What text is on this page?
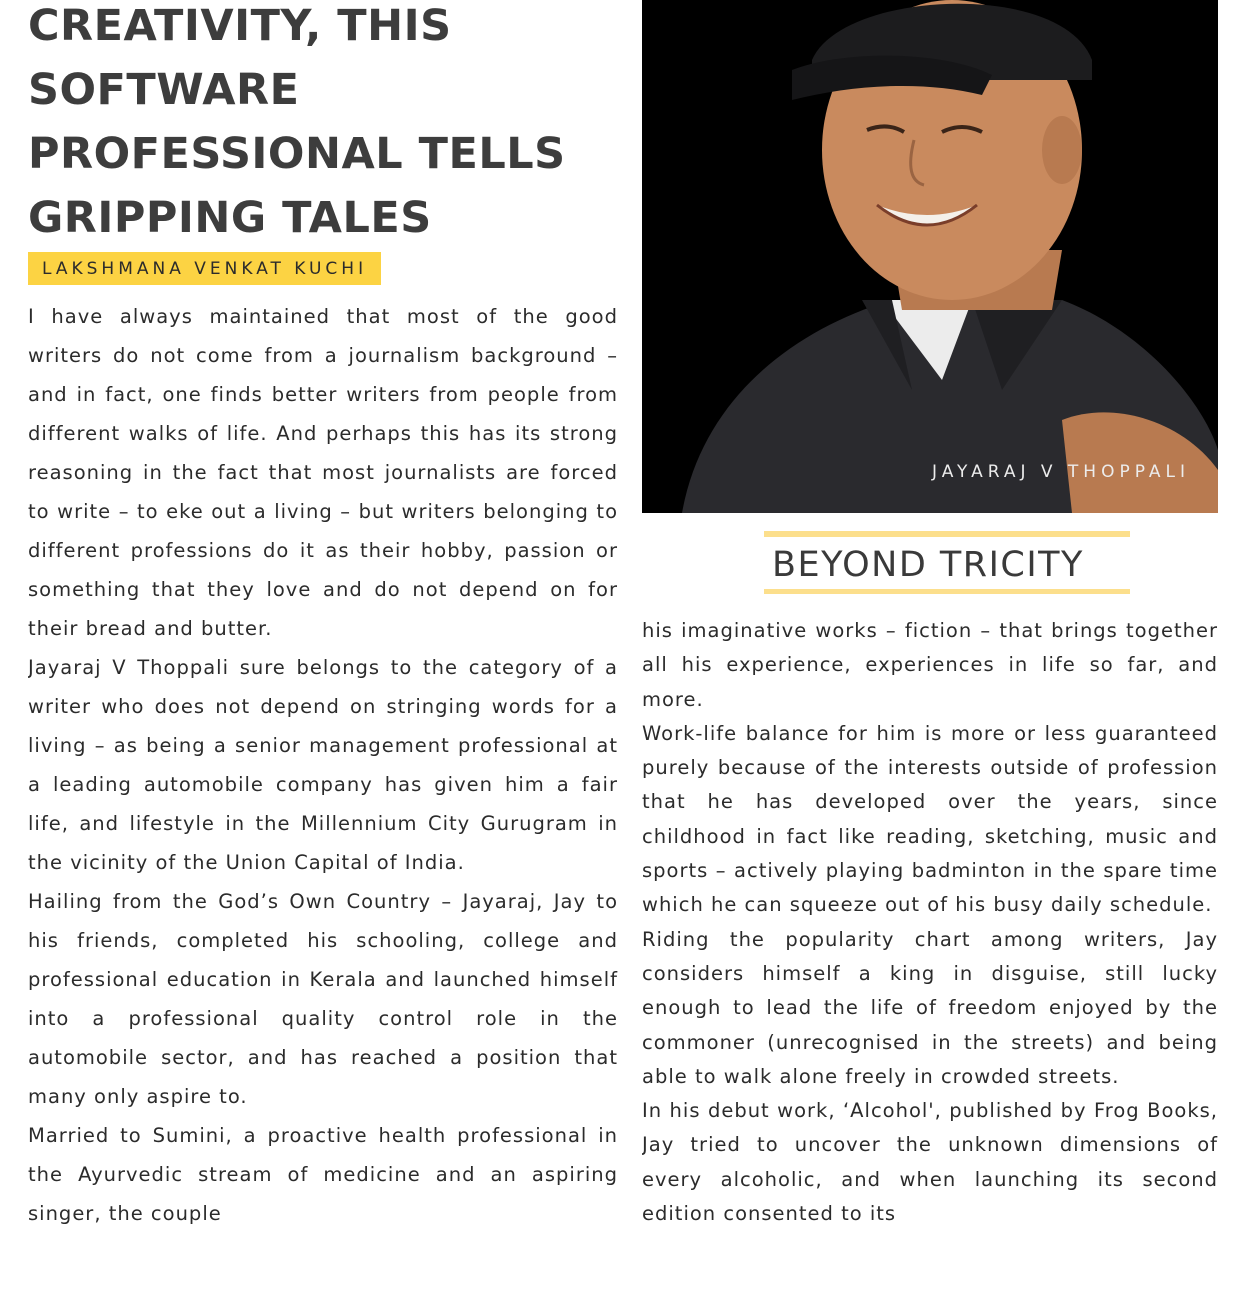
CREATIVITY, THIS
SOFTWARE
PROFESSIONAL TELLS
GRIPPING TALES
LAKSHMANA VENKAT KUCHI
I have always maintained that most of the good writers do not come from a journalism background – and in fact, one finds better writers from people from different walks of life. And perhaps this has its strong reasoning in the fact that most journalists are forced to write – to eke out a living – but writers belonging to different professions do it as their hobby, passion or something that they love and do not depend on for their bread and butter.
Jayaraj V Thoppali sure belongs to the category of a writer who does not depend on stringing words for a living – as being a senior management professional at a leading automobile company has given him a fair life, and lifestyle in the Millennium City Gurugram in the vicinity of the Union Capital of India.
Hailing from the God’s Own Country – Jayaraj, Jay to his friends, completed his schooling, college and professional education in Kerala and launched himself into a professional quality control role in the automobile sector, and has reached a position that many only aspire to.
Married to Sumini, a proactive health professional in the Ayurvedic stream of medicine and an aspiring singer, the couple
JAYARAJ V THOPPALI
BEYOND TRICITY
his imaginative works – fiction – that brings together all his experience, experiences in life so far, and more.
Work-life balance for him is more or less guaranteed purely because of the interests outside of profession that he has developed over the years, since childhood in fact like reading, sketching, music and sports – actively playing badminton in the spare time which he can squeeze out of his busy daily schedule.
Riding the popularity chart among writers, Jay considers himself a king in disguise, still lucky enough to lead the life of freedom enjoyed by the commoner (unrecognised in the streets) and being able to walk alone freely in crowded streets.
In his debut work, ‘Alcohol', published by Frog Books, Jay tried to uncover the unknown dimensions of every alcoholic, and when launching its second edition consented to its
